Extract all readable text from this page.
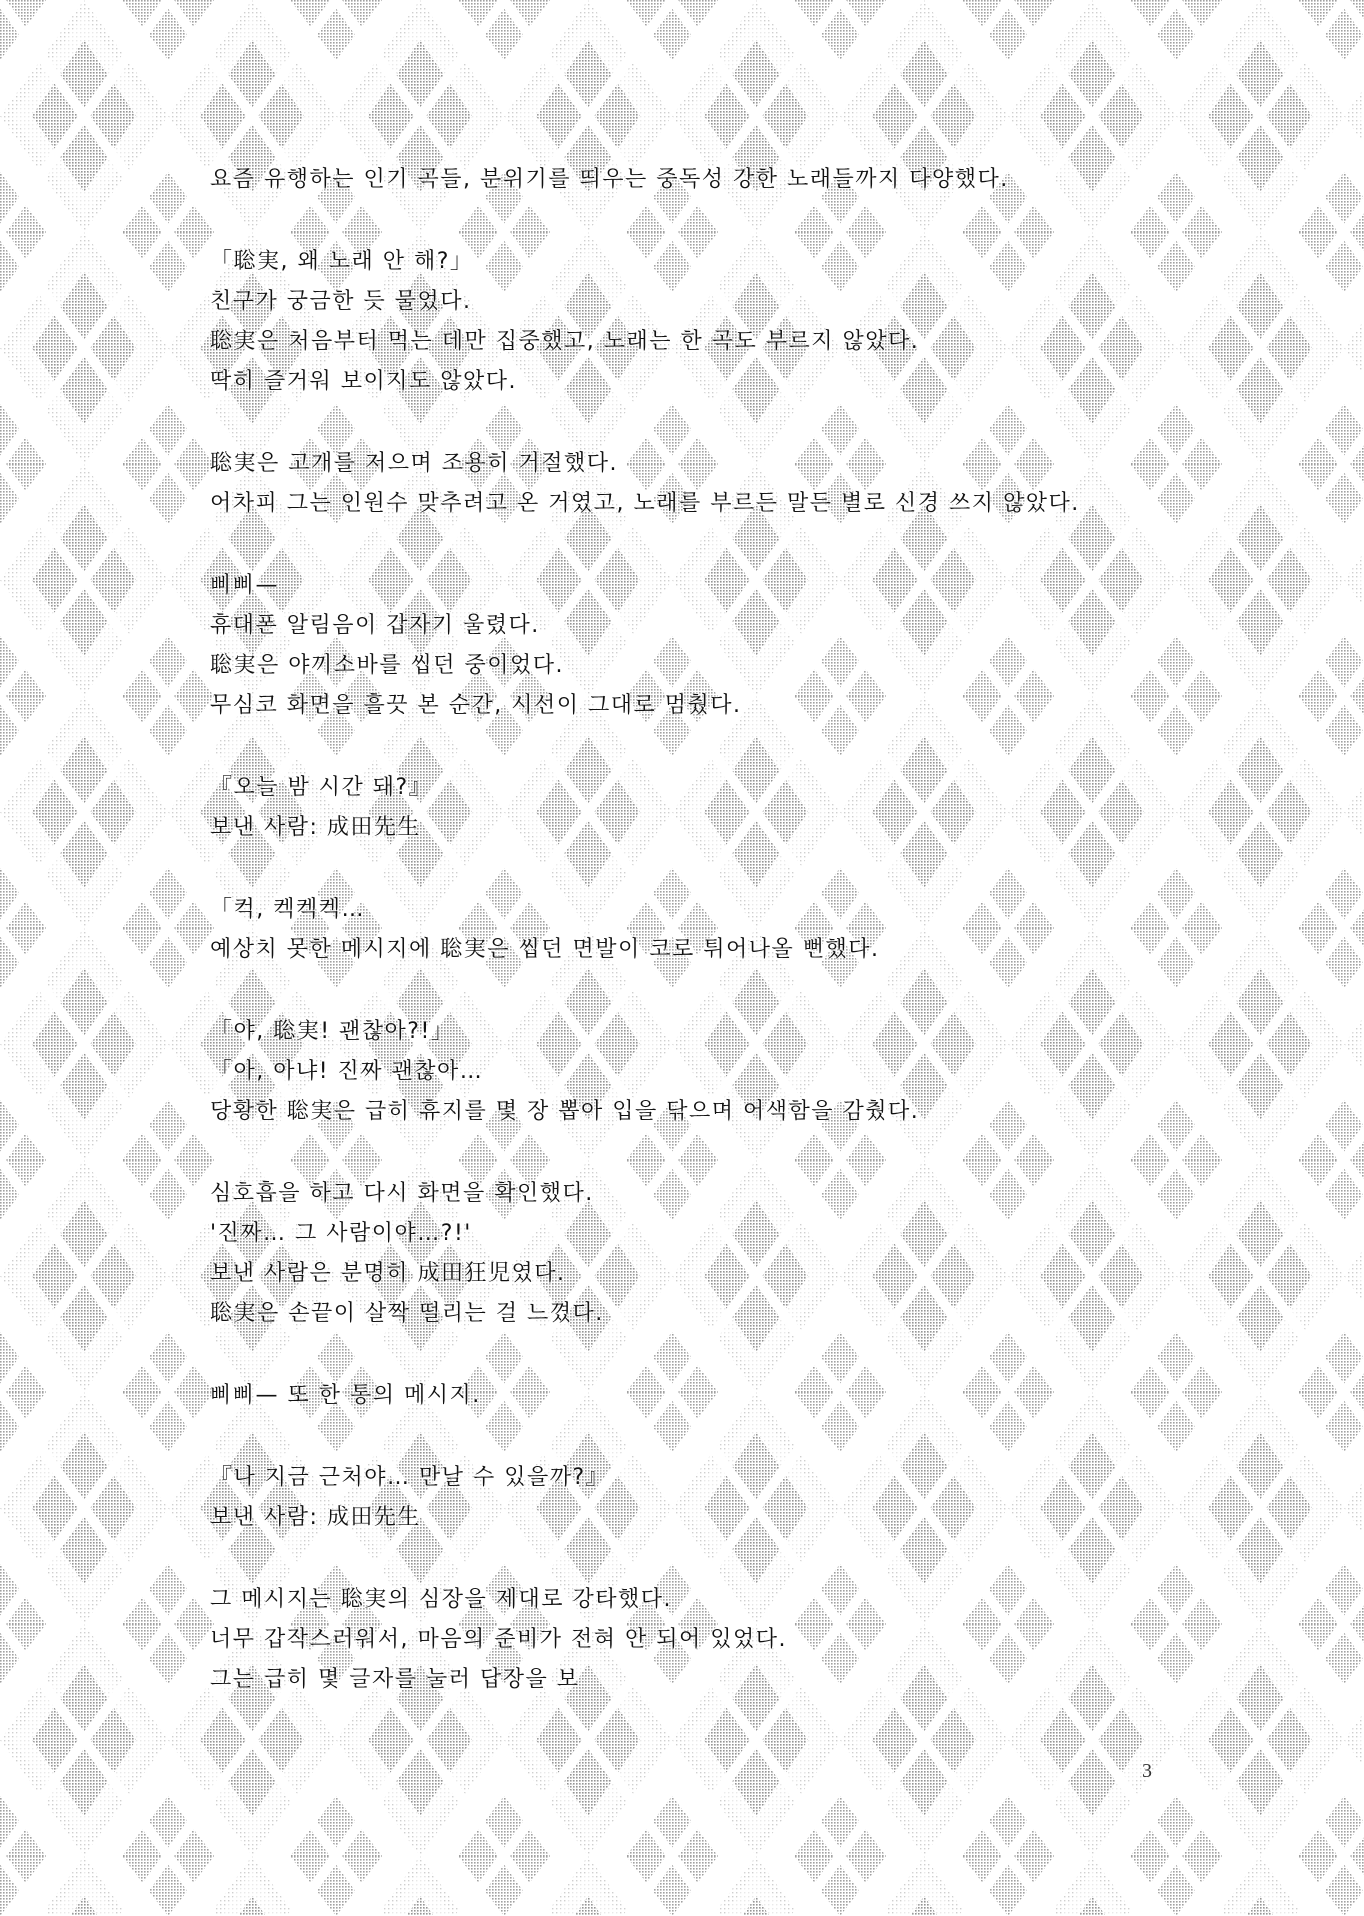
요즘 유행하는 인기 곡들, 분위기를 띄우는 중독성 강한 노래들까지 다양했다.
「聡実, 왜 노래 안 해?」
친구가 궁금한 듯 물었다.
聡実은 처음부터 먹는 데만 집중했고, 노래는 한 곡도 부르지 않았다.
딱히 즐거워 보이지도 않았다.
聡実은 고개를 저으며 조용히 거절했다.
어차피 그는 인원수 맞추려고 온 거였고, 노래를 부르든 말든 별로 신경 쓰지 않았다.
삐삐—
휴대폰 알림음이 갑자기 울렸다.
聡実은 야끼소바를 씹던 중이었다.
무심코 화면을 흘끗 본 순간, 시선이 그대로 멈췄다.
『오늘 밤 시간 돼?』
보낸 사람: 成田先生
「컥, 켁켁켁…
예상치 못한 메시지에 聡実은 씹던 면발이 코로 튀어나올 뻔했다.
「야, 聡実! 괜찮아?!」
「아, 아냐! 진짜 괜찮아…
당황한 聡実은 급히 휴지를 몇 장 뽑아 입을 닦으며 어색함을 감췄다.
심호흡을 하고 다시 화면을 확인했다.
'진짜… 그 사람이야…?!'
보낸 사람은 분명히 成田狂児였다.
聡実은 손끝이 살짝 떨리는 걸 느꼈다.
삐삐— 또 한 통의 메시지.
『나 지금 근처야… 만날 수 있을까?』
보낸 사람: 成田先生
그 메시지는 聡実의 심장을 제대로 강타했다.
너무 갑작스러워서, 마음의 준비가 전혀 안 되어 있었다.
그는 급히 몇 글자를 눌러 답장을 보
3
